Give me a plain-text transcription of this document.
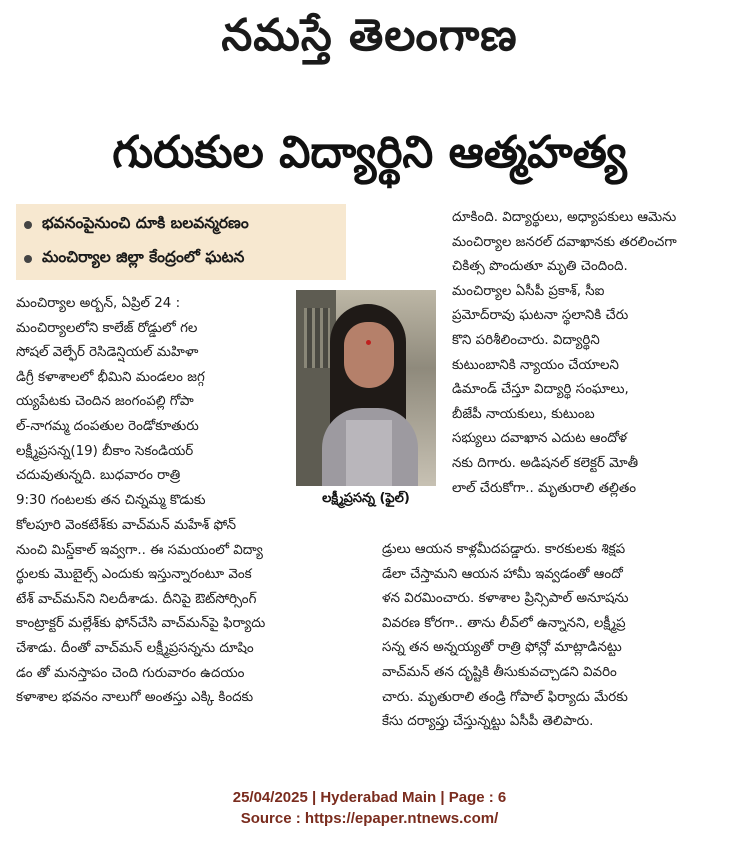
నమస్తే తెలంగాణ
గురుకుల విద్యార్థిని ఆత్మహత్య
భవనంపైనుంచి దూకి బలవన్మరణం
మంచిర్యాల జిల్లా కేంద్రంలో ఘటన
మంచిర్యాల అర్బన్, ఏప్రిల్ 24 :
మంచిర్యాలలోని కాలేజ్ రోడ్డులో గల
సోషల్ వెల్ఫేర్ రెసిడెన్షియల్ మహిళా
డిగ్రీ కళాశాలలో భీమిని మండలం జగ్గ
య్యపేటకు చెందిన జంగంపల్లి గోపా
ల్-నాగమ్మ దంపతుల రెండోకూతురు
లక్ష్మీప్రసన్న(19) బీకాం సెకండియర్
చదువుతున్నది. బుధవారం రాత్రి
9:30 గంటలకు తన చిన్నమ్మ కొడుకు
దూకింది. విద్యార్థులు, అధ్యాపకులు ఆమెను
మంచిర్యాల జనరల్ దవాఖానకు తరలించగా
చికిత్స పొందుతూ మృతి చెందింది.
మంచిర్యాల ఏసీపీ ప్రకాశ్, సీఐ
ప్రమోద్‌రావు ఘటనా స్థలానికి చేరు
కొని పరిశీలించారు. విద్యార్థిని
కుటుంబానికి న్యాయం చేయాలని
డిమాండ్ చేస్తూ విద్యార్థి సంఘాలు,
బీజేపీ నాయకులు, కుటుంబ
సభ్యులు దవాఖాన ఎదుట ఆందోళ
నకు దిగారు. అడిషనల్ కలెక్టర్ మోతీ
లాల్ చేరుకోగా.. మృతురాలి తల్లితం
లక్ష్మీప్రసన్న (ఫైల్)
కోలపూరి వెంకటేశ్‌కు వాచ్‌మన్ మహేశ్ ఫోన్
నుంచి మిస్డ్‌కాల్ ఇవ్వగా.. ఈ సమయంలో విద్యా
ర్థులకు మొబైల్స్ ఎందుకు ఇస్తున్నారంటూ వెంక
టేశ్ వాచ్‌మన్‌ని నిలదీశాడు. దీనిపై ఔట్‌సోర్సింగ్
కాంట్రాక్టర్ మల్లేశ్‌కు ఫోన్‌చేసి వాచ్‌మన్‌పై ఫిర్యాదు
చేశాడు. దీంతో వాచ్‌మన్ లక్ష్మీప్రసన్నను దూషిం
డం తో మనస్తాపం చెంది గురువారం ఉదయం
కళాశాల భవనం నాలుగో అంతస్తు ఎక్కి కిందకు
డ్రులు ఆయన కాళ్లమీదపడ్డారు. కారకులకు శిక్షప
డేలా చేస్తామని ఆయన హామీ ఇవ్వడంతో ఆందో
ళన విరమించారు. కళాశాల ప్రిన్సిపాల్ అనూషను
వివరణ కోరగా.. తాను లీవ్‌లో ఉన్నానని, లక్ష్మీప్ర
సన్న తన అన్నయ్యతో రాత్రి ఫోన్లో మాట్లాడినట్టు
వాచ్‌మన్ తన దృష్టికి తీసుకువచ్చాడని వివరిం
చారు. మృతురాలి తండ్రి గోపాల్ ఫిర్యాదు మేరకు
కేసు దర్యాప్తు చేస్తున్నట్టు ఏసీపీ తెలిపారు.
25/04/2025 | Hyderabad Main | Page : 6
Source : https://epaper.ntnews.com/
